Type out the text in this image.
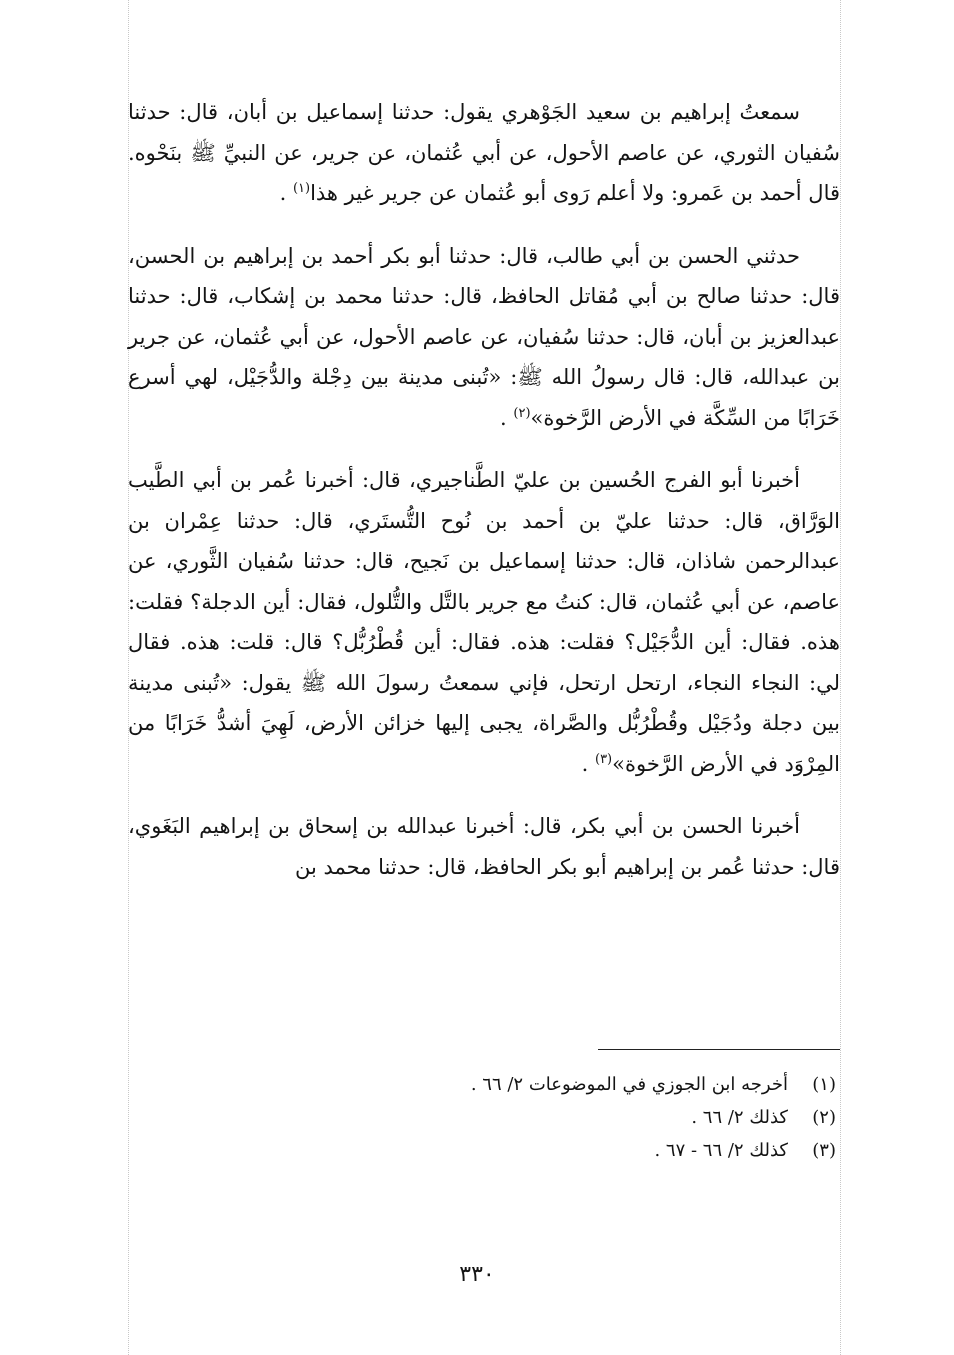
سمعتُ إبراهيم بن سعيد الجَوْهري يقول: حدثنا إسماعيل بن أبان، قال: حدثنا سُفيان الثوري، عن عاصم الأحول، عن أبي عُثمان، عن جرير، عن النبيِّ ﷺ بنَحْوه. قال أحمد بن عَمرو: ولا أعلم رَوى أبو عُثمان عن جرير غير هذا$^{(١)}$ .

حدثني الحسن بن أبي طالب، قال: حدثنا أبو بكر أحمد بن إبراهيم بن الحسن، قال: حدثنا صالح بن أبي مُقاتل الحافظ، قال: حدثنا محمد بن إشكاب، قال: حدثنا عبدالعزيز بن أبان، قال: حدثنا سُفيان، عن عاصم الأحول، عن أبي عُثمان، عن جرير بن عبدالله، قال: قال رسولُ الله ﷺ: «تُبنى مدينة بين دِجْلة والدُّجَيْل، لهي أسرع خَرَابًا من السِّكَّة في الأرض الرَّخوة»$^{(٢)}$ .

أخبرنا أبو الفرج الحُسين بن عليّ الطَّناجيري، قال: أخبرنا عُمر بن أبي الطَّيب الوَرَّاق، قال: حدثنا عليّ بن أحمد بن نُوح التُّستَري، قال: حدثنا عِمْران بن عبدالرحمن شاذان، قال: حدثنا إسماعيل بن نَجيح، قال: حدثنا سُفيان الثَّوري، عن عاصم، عن أبي عُثمان، قال: كنتُ مع جرير بالتَّل والتُّلول، فقال: أين الدجلة؟ فقلت: هذه. فقال: أين الدُّجَيْل؟ فقلت: هذه. فقال: أين قُطْرُبُّل؟ قال: قلت: هذه. فقال لي: النجاء النجاء، ارتحل ارتحل، فإني سمعتُ رسولَ الله ﷺ يقول: «تُبنى مدينة بين دجلة ودُجَيْل وقُطْرُبُّل والصَّراة، يجبى إليها خزائن الأرض، لَهِيَ أشدُّ خَرَابًا من المِرْوَد في الأرض الرَّخوة»$^{(٣)}$ .

أخبرنا الحسن بن أبي بكر، قال: أخبرنا عبدالله بن إسحاق بن إبراهيم البَغَوي، قال: حدثنا عُمر بن إبراهيم أبو بكر الحافظ، قال: حدثنا محمد بن

(١)
أخرجه ابن الجوزي في الموضوعات ٢/ ٦٦ .
(٢)
كذلك ٢/ ٦٦ .
(٣)
كذلك ٢/ ٦٦ - ٦٧ .
٣٣٠
